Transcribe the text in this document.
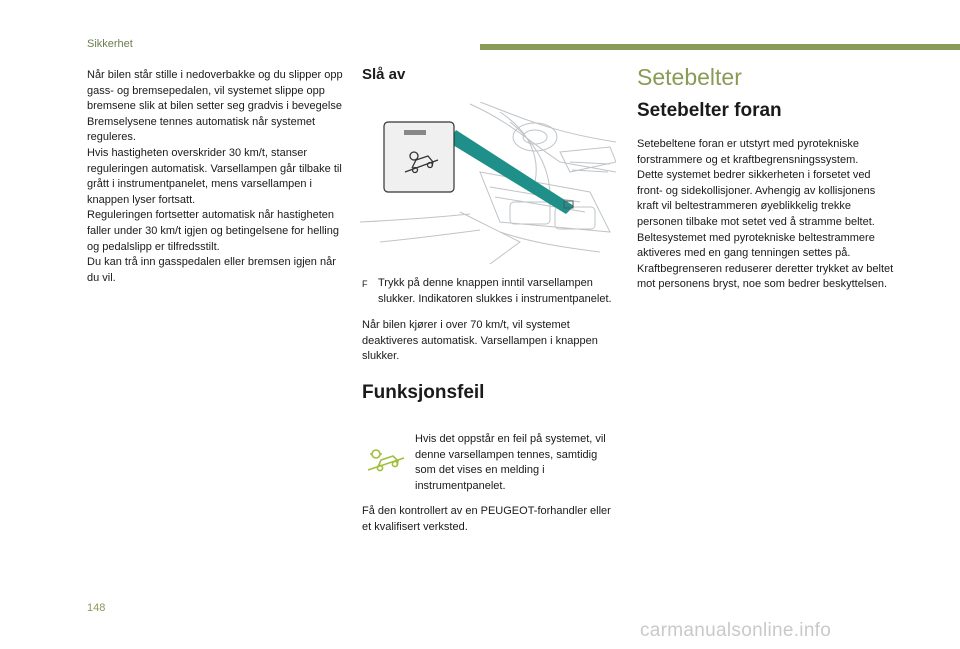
Sikkerhet

Når bilen står stille i nedoverbakke og du slipper opp gass- og bremsepedalen, vil systemet slippe opp bremsene slik at bilen setter seg gradvis i bevegelse

Bremselysene tennes automatisk når systemet reguleres.

Hvis hastigheten overskrider 30 km/t, stanser reguleringen automatisk. Varsellampen går tilbake til grått i instrumentpanelet, mens varsellampen i knappen lyser fortsatt.

Reguleringen fortsetter automatisk når hastigheten faller under 30 km/t igjen og betingelsene for helling og pedalslipp er tilfredsstilt.

Du kan trå inn gasspedalen eller bremsen igjen når du vil.

Slå av
F Trykk på denne knappen inntil varsellampen slukker. Indikatoren slukkes i instrumentpanelet.

Når bilen kjører i over 70 km/t, vil systemet deaktiveres automatisk. Varsellampen i knappen slukker.

Funksjonsfeil
Hvis det oppstår en feil på systemet, vil denne varsellampen tennes, samtidig som det vises en melding i instrumentpanelet.
Få den kontrollert av en PEUGEOT-forhandler eller et kvalifisert verksted.
Setebelter
Setebelter foran

Setebeltene foran er utstyrt med pyrotekniske forstrammere og et kraftbegrensningssystem.

Dette systemet bedrer sikkerheten i forsetet ved front- og sidekollisjoner. Avhengig av kollisjonens kraft vil beltestrammeren øyeblikkelig trekke personen tilbake mot setet ved å stramme beltet.

Beltesystemet med pyrotekniske beltestrammere aktiveres med en gang tenningen settes på.

Kraftbegrenseren reduserer deretter trykket av beltet mot personens bryst, noe som bedrer beskyttelsen.

148
carmanualsonline.info
